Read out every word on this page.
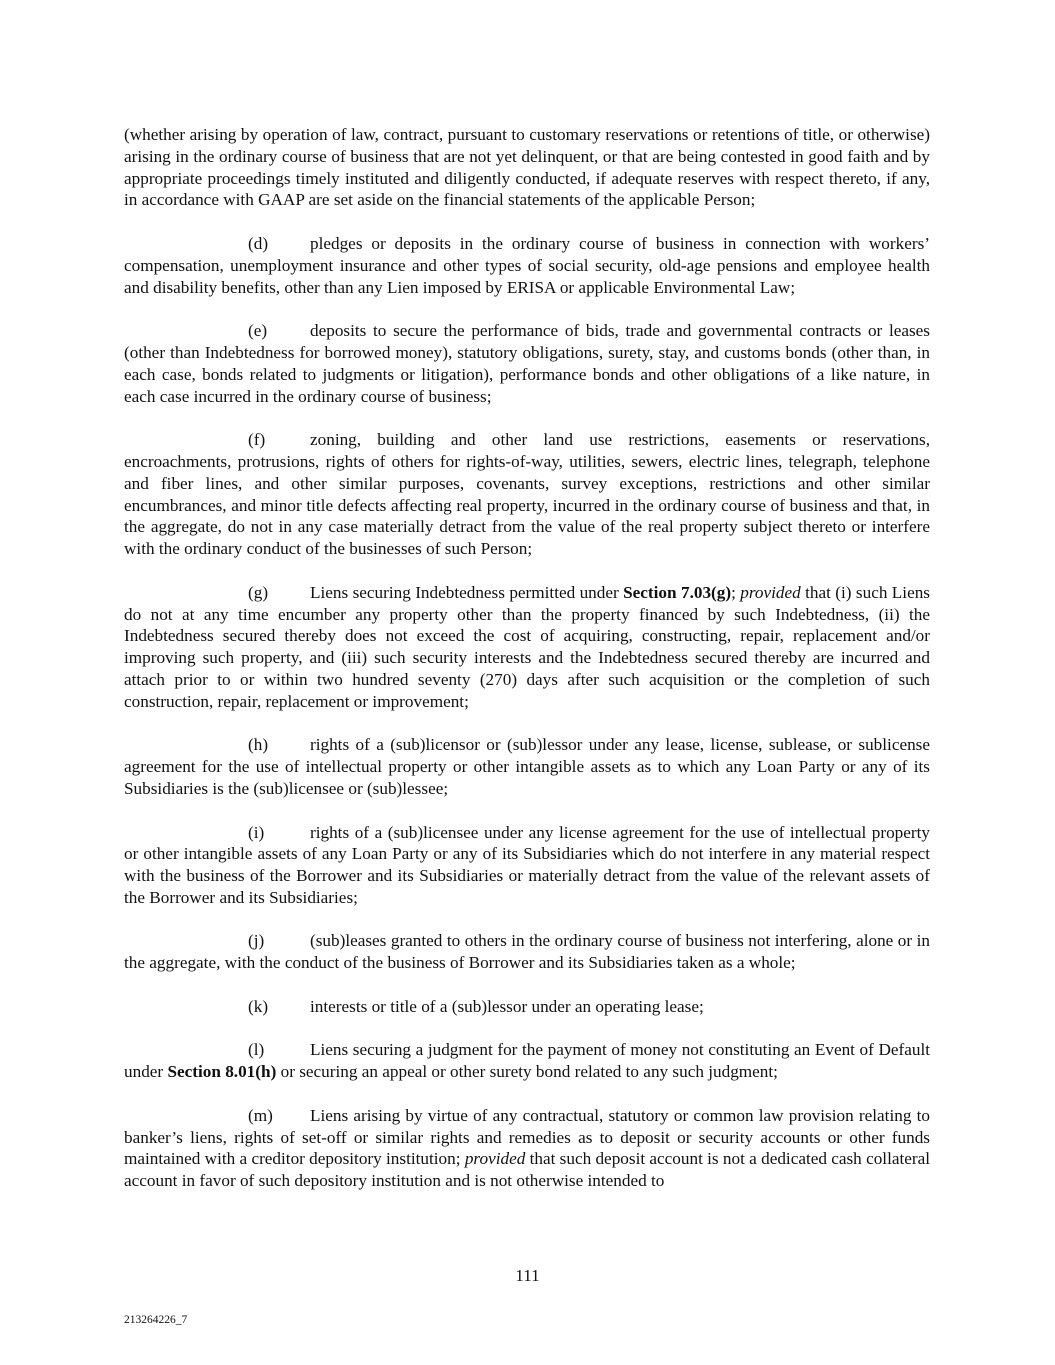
(whether arising by operation of law, contract, pursuant to customary reservations or retentions of title, or otherwise) arising in the ordinary course of business that are not yet delinquent, or that are being contested in good faith and by appropriate proceedings timely instituted and diligently conducted, if adequate reserves with respect thereto, if any, in accordance with GAAP are set aside on the financial statements of the applicable Person;

(d) pledges or deposits in the ordinary course of business in connection with workers’ compensation, unemployment insurance and other types of social security, old-age pensions and employee health and disability benefits, other than any Lien imposed by ERISA or applicable Environmental Law;

(e) deposits to secure the performance of bids, trade and governmental contracts or leases (other than Indebtedness for borrowed money), statutory obligations, surety, stay, and customs bonds (other than, in each case, bonds related to judgments or litigation), performance bonds and other obligations of a like nature, in each case incurred in the ordinary course of business;

(f)	zoning, building and other land use restrictions, easements or reservations, encroachments, protrusions, rights of others for rights-of-way, utilities, sewers, electric lines, telegraph, telephone and fiber lines, and other similar purposes, covenants, survey exceptions, restrictions and other similar encumbrances, and minor title defects affecting real property, incurred in the ordinary course of business and that, in the aggregate, do not in any case materially detract from the value of the real property subject thereto or interfere with the ordinary conduct of the businesses of such Person;

(g) Liens securing Indebtedness permitted under Section 7.03(g); provided that (i) such Liens do not at any time encumber any property other than the property financed by such Indebtedness, (ii) the Indebtedness secured thereby does not exceed the cost of acquiring, constructing, repair, replacement and/or improving such property, and (iii) such security interests and the Indebtedness secured thereby are incurred and attach prior to or within two hundred seventy (270) days after such acquisition or the completion of such construction, repair, replacement or improvement;

(h) rights of a (sub)licensor or (sub)lessor under any lease, license, sublease, or sublicense agreement for the use of intellectual property or other intangible assets as to which any Loan Party or any of its Subsidiaries is the (sub)licensee or (sub)lessee;

(i)	rights of a (sub)licensee under any license agreement for the use of intellectual property or other intangible assets of any Loan Party or any of its Subsidiaries which do not interfere in any material respect with the business of the Borrower and its Subsidiaries or materially detract from the value of the relevant assets of the Borrower and its Subsidiaries;

(j)	(sub)leases granted to others in the ordinary course of business not interfering, alone or in the aggregate, with the conduct of the business of Borrower and its Subsidiaries taken as a whole;

(k) interests or title of a (sub)lessor under an operating lease;

(l)	Liens securing a judgment for the payment of money not constituting an Event of Default under Section 8.01(h) or securing an appeal or other surety bond related to any such judgment;

(m) Liens arising by virtue of any contractual, statutory or common law provision relating to banker’s liens, rights of set-off or similar rights and remedies as to deposit or security accounts or other funds maintained with a creditor depository institution; provided that such deposit account is not a dedicated cash collateral account in favor of such depository institution and is not otherwise intended to

111
213264226_7
